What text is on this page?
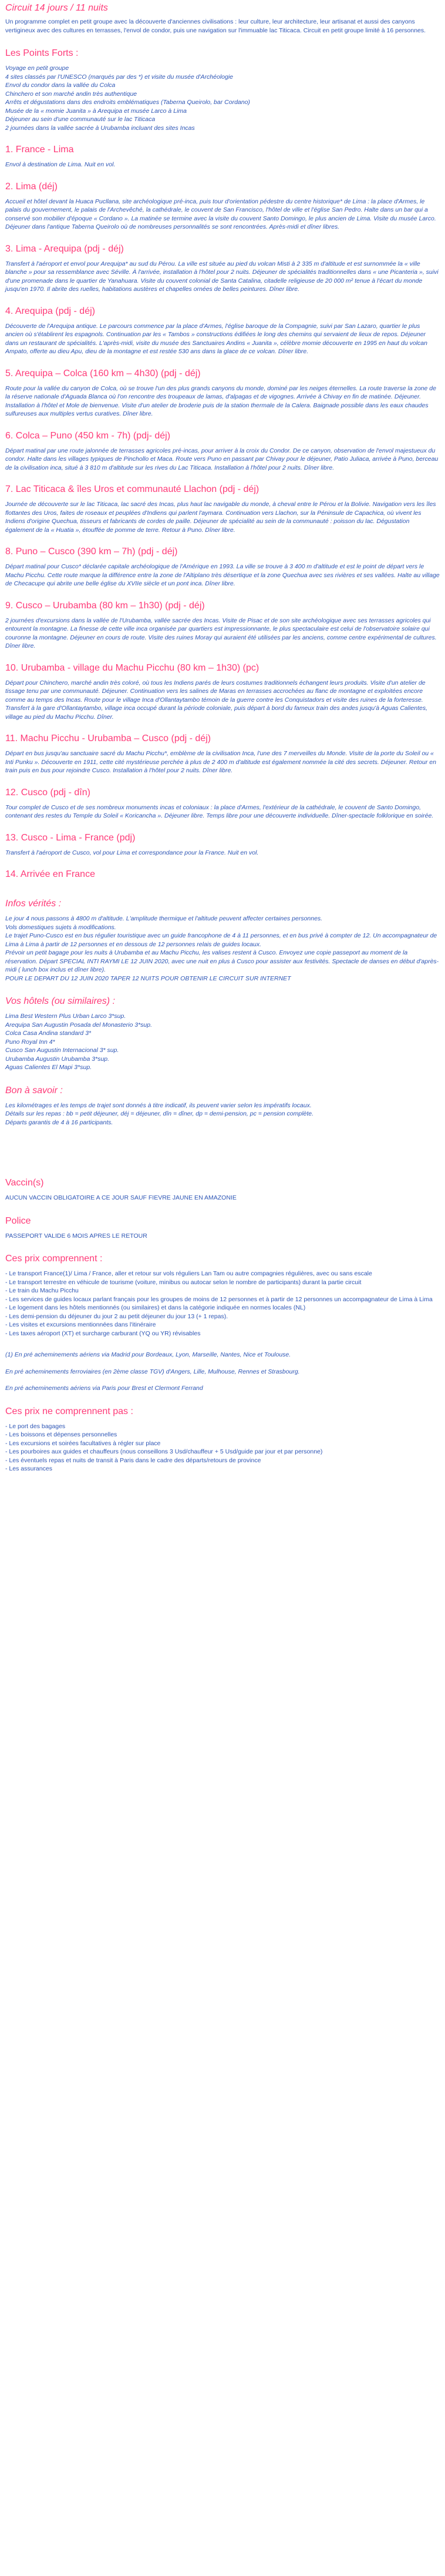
Circuit 14 jours / 11 nuits

Un programme complet en petit groupe avec la découverte d'anciennes civilisations : leur culture, leur architecture, leur artisanat et aussi des canyons vertigineux avec des cultures en terrasses, l'envol de condor, puis une navigation sur l'immuable lac Titicaca. Circuit en petit groupe limité à 16 personnes.

Les Points Forts :

Voyage en petit groupe

4 sites classés par l'UNESCO (marqués par des *) et visite du musée d'Archéologie

Envol du condor dans la vallée du Colca

Chinchero et son marché andin très authentique

Arrêts et dégustations dans des endroits emblématiques (Taberna Queirolo, bar Cordano)

Musée de la « momie Juanita » à Arequipa et musée Larco à Lima

Déjeuner au sein d'une communauté sur le lac Titicaca

2 journées dans la vallée sacrée à Urubamba incluant des sites Incas

1. France - Lima

Envol à destination de Lima. Nuit en vol.

2. Lima (déj)

Accueil et hôtel devant la Huaca Pucllana, site archéologique pré-inca, puis tour d'orientation pédestre du centre historique* de Lima : la place d'Armes, le palais du gouvernement, le palais de l'Archevêché, la cathédrale, le couvent de San Francisco, l'hôtel de ville et l'église San Pedro. Halte dans un bar qui a conservé son mobilier d'époque « Cordano ». La matinée se termine avec la visite du couvent Santo Domingo, le plus ancien de Lima. Visite du musée Larco. Déjeuner dans l'antique Taberna Queirolo où de nombreuses personnalités se sont rencontrées. Après-midi et dîner libres.

3. Lima - Arequipa (pdj - déj)

Transfert à l'aéroport et envol pour Arequipa* au sud du Pérou. La ville est située au pied du volcan Misti à 2 335 m d'altitude et est surnommée la « ville blanche » pour sa ressemblance avec Séville. À l'arrivée, installation à l'hôtel pour 2 nuits. Déjeuner de spécialités traditionnelles dans « une Picanteria », suivi d'une promenade dans le quartier de Yanahuara. Visite du couvent colonial de Santa Catalina, citadelle religieuse de 20 000 m² tenue à l'écart du monde jusqu'en 1970. Il abrite des ruelles, habitations austères et chapelles ornées de belles peintures. Dîner libre.

4. Arequipa (pdj - déj)

Découverte de l'Arequipa antique. Le parcours commence par la place d'Armes, l'église baroque de la Compagnie, suivi par San Lazaro, quartier le plus ancien où s'établirent les espagnols. Continuation par les « Tambos » constructions édifiées le long des chemins qui servaient de lieux de repos. Déjeuner dans un restaurant de spécialités. L'après-midi, visite du musée des Sanctuaires Andins « Juanita », célèbre momie découverte en 1995 en haut du volcan Ampato, offerte au dieu Apu, dieu de la montagne et est restée 530 ans dans la glace de ce volcan. Dîner libre.

5. Arequipa – Colca (160 km – 4h30) (pdj - déj)

Route pour la vallée du canyon de Colca, où se trouve l'un des plus grands canyons du monde, dominé par les neiges éternelles. La route traverse la zone de la réserve nationale d'Aguada Blanca où l'on rencontre des troupeaux de lamas, d'alpagas et de vigognes. Arrivée à Chivay en fin de matinée. Déjeuner. Installation à l'hôtel et Mole de bienvenue. Visite d'un atelier de broderie puis de la station thermale de la Calera. Baignade possible dans les eaux chaudes sulfureuses aux multiples vertus curatives. Dîner libre.

6. Colca – Puno (450 km - 7h) (pdj- déj)

Départ matinal par une route jalonnée de terrasses agricoles pré-incas, pour arriver à la croix du Condor. De ce canyon, observation de l'envol majestueux du condor. Halte dans les villages typiques de Pinchollo et Maca. Route vers Puno en passant par Chivay pour le déjeuner, Patio Juliaca, arrivée à Puno, berceau de la civilisation inca, situé à 3 810 m d'altitude sur les rives du Lac Titicaca. Installation à l'hôtel pour 2 nuits. Dîner libre.

7. Lac Titicaca & îles Uros et communauté Llachon (pdj - déj)

Journée de découverte sur le lac Titicaca, lac sacré des Incas, plus haut lac navigable du monde, à cheval entre le Pérou et la Bolivie. Navigation vers les îles flottantes des Uros, faites de roseaux et peuplées d'Indiens qui parlent l'aymara. Continuation vers Llachon, sur la Péninsule de Capachica, où vivent les Indiens d'origine Quechua, tisseurs et fabricants de cordes de paille. Déjeuner de spécialité au sein de la communauté : poisson du lac. Dégustation également de la « Huatia », étouffée de pomme de terre. Retour à Puno. Dîner libre.

8. Puno – Cusco (390 km – 7h) (pdj - déj)

Départ matinal pour Cusco* déclarée capitale archéologique de l'Amérique en 1993. La ville se trouve à 3 400 m d'altitude et est le point de départ vers le Machu Picchu. Cette route marque la différence entre la zone de l'Altiplano très désertique et la zone Quechua avec ses rivières et ses vallées. Halte au village de Checacupe qui abrite une belle église du XVIIe siècle et un pont inca. Dîner libre.

9. Cusco – Urubamba (80 km – 1h30) (pdj - déj)

2 journées d'excursions dans la vallée de l'Urubamba, vallée sacrée des Incas. Visite de Pisac et de son site archéologique avec ses terrasses agricoles qui entourent la montagne. La finesse de cette ville inca organisée par quartiers est impressionnante, le plus spectaculaire est celui de l'observatoire solaire qui couronne la montagne. Déjeuner en cours de route. Visite des ruines Moray qui auraient été utilisées par les anciens, comme centre expérimental de cultures. Dîner libre.

10. Urubamba - village du Machu Picchu (80 km – 1h30) (pc)

Départ pour Chinchero, marché andin très coloré, où tous les Indiens parés de leurs costumes traditionnels échangent leurs produits. Visite d'un atelier de tissage tenu par une communauté. Déjeuner. Continuation vers les salines de Maras en terrasses accrochées au flanc de montagne et exploitées encore comme au temps des Incas. Route pour le village Inca d'Ollantaytambo témoin de la guerre contre les Conquistadors et visite des ruines de la forteresse. Transfert à la gare d'Ollantaytambo, village inca occupé durant la période coloniale, puis départ à bord du fameux train des andes jusqu'à Aguas Calientes, village au pied du Machu Picchu. Dîner.

11. Machu Picchu - Urubamba – Cusco (pdj - déj)

Départ en bus jusqu'au sanctuaire sacré du Machu Picchu*, emblème de la civilisation Inca, l'une des 7 merveilles du Monde. Visite de la porte du Soleil ou « Inti Punku ». Découverte en 1911, cette cité mystérieuse perchée à plus de 2 400 m d'altitude est également nommée la cité des secrets. Déjeuner. Retour en train puis en bus pour rejoindre Cusco. Installation à l'hôtel pour 2 nuits. Dîner libre.

12. Cusco (pdj - dîn)

Tour complet de Cusco et de ses nombreux monuments incas et coloniaux : la place d'Armes, l'extérieur de la cathédrale, le couvent de Santo Domingo, contenant des restes du Temple du Soleil « Koricancha ». Déjeuner libre. Temps libre pour une découverte individuelle. Dîner-spectacle folklorique en soirée.

13. Cusco - Lima - France (pdj)

Transfert à l'aéroport de Cusco, vol pour Lima et correspondance pour la France. Nuit en vol.

14. Arrivée en France
Infos vérités :

Le jour 4 nous passons à 4800 m d'altitude. L'amplitude thermique et l'altitude peuvent affecter certaines personnes.

Vols domestiques sujets à modifications.

Le trajet Puno-Cusco est en bus régulier touristique avec un guide francophone de 4 à 11 personnes, et en bus privé à compter de 12. Un accompagnateur de Lima à Lima à partir de 12 personnes et en dessous de 12 personnes relais de guides locaux.

Prévoir un petit bagage pour les nuits à Urubamba et au Machu Picchu, les valises restent à Cusco. Envoyez une copie passeport au moment de la réservation. Départ SPECIAL INTI RAYMI LE 12 JUIN 2020, avec une nuit en plus à Cusco pour assister aux festivités. Spectacle de danses en début d'après-midi ( lunch box inclus et dîner libre).

POUR LE DEPART DU 12 JUIN 2020 TAPER 12 NUITS POUR OBTENIR LE CIRCUIT SUR INTERNET

Vos hôtels (ou similaires) :

Lima Best Western Plus Urban Larco 3*sup.

Arequipa San Augustin Posada del Monasterio 3*sup.

Colca Casa Andina standard 3*

Puno Royal Inn 4*

Cusco San Augustin Internacional 3* sup.

Urubamba Augustin Urubamba 3*sup.

Aguas Calientes El Mapi 3*sup.

Bon à savoir :

Les kilométrages et les temps de trajet sont donnés à titre indicatif, ils peuvent varier selon les impératifs locaux.

Détails sur les repas : bb = petit déjeuner, déj = déjeuner, dîn = dîner, dp = demi-pension, pc = pension complète.

Départs garantis de 4 à 16 participants.

Vaccin(s)

AUCUN VACCIN OBLIGATOIRE A CE JOUR SAUF FIEVRE JAUNE EN AMAZONIE

Police

PASSEPORT VALIDE 6 MOIS APRES LE RETOUR

Ces prix comprennent :

- Le transport France(1)/ Lima / France, aller et retour sur vols réguliers Lan Tam ou autre compagnies régulières, avec ou sans escale

- Le transport terrestre en véhicule de tourisme (voiture, minibus ou autocar selon le nombre de participants) durant la partie circuit

- Le train du Machu Picchu

- Les services de guides locaux parlant français pour les groupes de moins de 12 personnes et à partir de 12 personnes un accompagnateur de Lima à Lima

- Le logement dans les hôtels mentionnés (ou similaires) et dans la catégorie indiquée en normes locales (NL)

- Les demi-pension du déjeuner du jour 2 au petit déjeuner du jour 13 (+ 1 repas).

- Les visites et excursions mentionnées dans l'itinéraire

- Les taxes aéroport (XT) et surcharge carburant (YQ ou YR) révisables

(1) En pré acheminements aériens via Madrid pour Bordeaux, Lyon, Marseille, Nantes, Nice et Toulouse.

En pré acheminements ferroviaires (en 2ème classe TGV) d'Angers, Lille, Mulhouse, Rennes et Strasbourg.

En pré acheminements aériens via Paris pour Brest et Clermont Ferrand

Ces prix ne comprennent pas :

- Le port des bagages

- Les boissons et dépenses personnelles

- Les excursions et soirées facultatives à régler sur place

- Les pourboires aux guides et chauffeurs (nous conseillons 3 Usd/chauffeur + 5 Usd/guide par jour et par personne)

- Les éventuels repas et nuits de transit à Paris dans le cadre des départs/retours de province

- Les assurances
